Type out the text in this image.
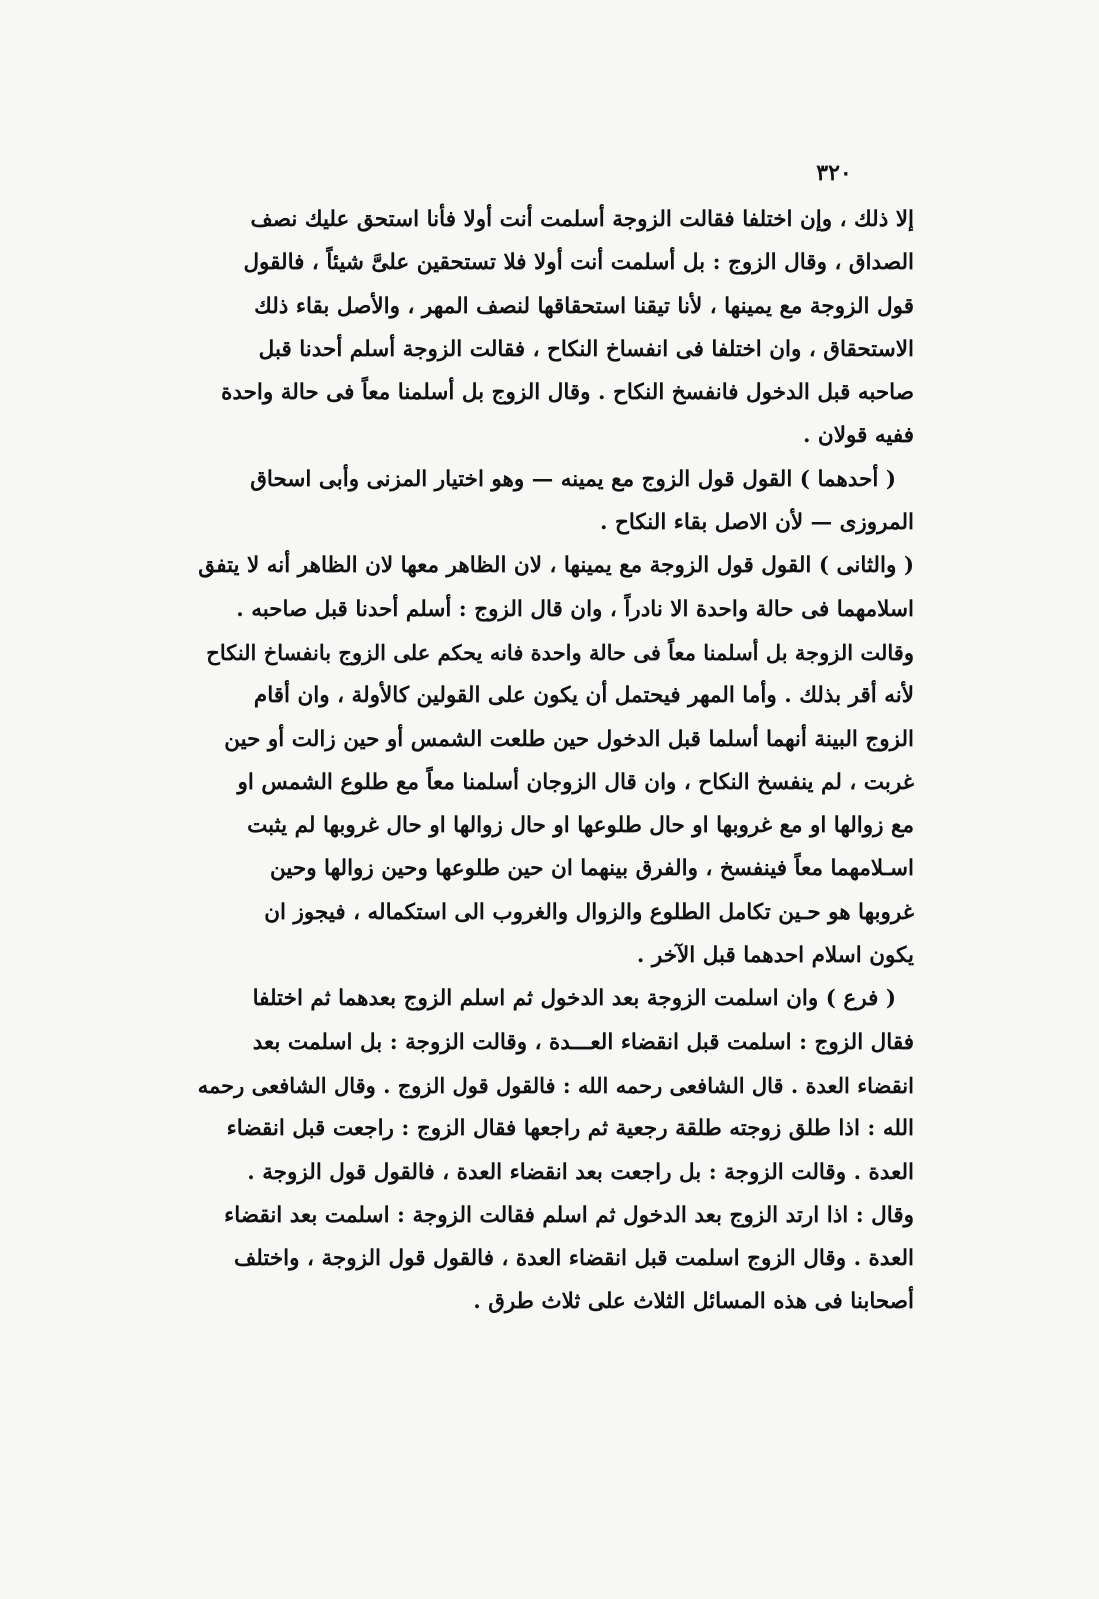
٣٢٠
إلا ذلك ، وإن اختلفا فقالت الزوجة أسلمت أنت أولا فأنا استحق عليك نصف
الصداق ، وقال الزوج : بل أسلمت أنت أولا فلا تستحقين علىَّ شيئاً ، فالقول
قول الزوجة مع يمينها ، لأنا تيقنا استحقاقها لنصف المهر ، والأصل بقاء ذلك
الاستحقاق ، وان اختلفا فى انفساخ النكاح ، فقالت الزوجة أسلم أحدنا قبل
صاحبه قبل الدخول فانفسخ النكاح . وقال الزوج بل أسلمنا معاً فى حالة واحدة
ففيه قولان .
( أحدهما ) القول قول الزوج مع يمينه — وهو اختيار المزنى وأبى اسحاق
المروزى — لأن الاصل بقاء النكاح .
( والثانى ) القول قول الزوجة مع يمينها ، لان الظاهر معها لان الظاهر أنه لا يتفق
اسلامهما فى حالة واحدة الا نادراً ، وان قال الزوج : أسلم أحدنا قبل صاحبه .
وقالت الزوجة بل أسلمنا معاً فى حالة واحدة فانه يحكم على الزوج بانفساخ النكاح
لأنه أقر بذلك . وأما المهر فيحتمل أن يكون على القولين كالأولة ، وان أقام
الزوج البينة أنهما أسلما قبل الدخول حين طلعت الشمس أو حين زالت أو حين
غربت ، لم ينفسخ النكاح ، وان قال الزوجان أسلمنا معاً مع طلوع الشمس او
مع زوالها او مع غروبها او حال طلوعها او حال زوالها او حال غروبها لم يثبت
اسـلامهما معاً فينفسخ ، والفرق بينهما ان حين طلوعها وحين زوالها وحين
غروبها هو حـين تكامل الطلوع والزوال والغروب الى استكماله ، فيجوز ان
يكون اسلام احدهما قبل الآخر .
( فرع ) وان اسلمت الزوجة بعد الدخول ثم اسلم الزوج بعدهما ثم اختلفا
فقال الزوج : اسلمت قبل انقضاء العـــدة ، وقالت الزوجة : بل اسلمت بعد
انقضاء العدة . قال الشافعى رحمه الله : فالقول قول الزوج . وقال الشافعى رحمه
الله : اذا طلق زوجته طلقة رجعية ثم راجعها فقال الزوج : راجعت قبل انقضاء
العدة . وقالت الزوجة : بل راجعت بعد انقضاء العدة ، فالقول قول الزوجة .
وقال : اذا ارتد الزوج بعد الدخول ثم اسلم فقالت الزوجة : اسلمت بعد انقضاء
العدة . وقال الزوج اسلمت قبل انقضاء العدة ، فالقول قول الزوجة ، واختلف
أصحابنا فى هذه المسائل الثلاث على ثلاث طرق .
